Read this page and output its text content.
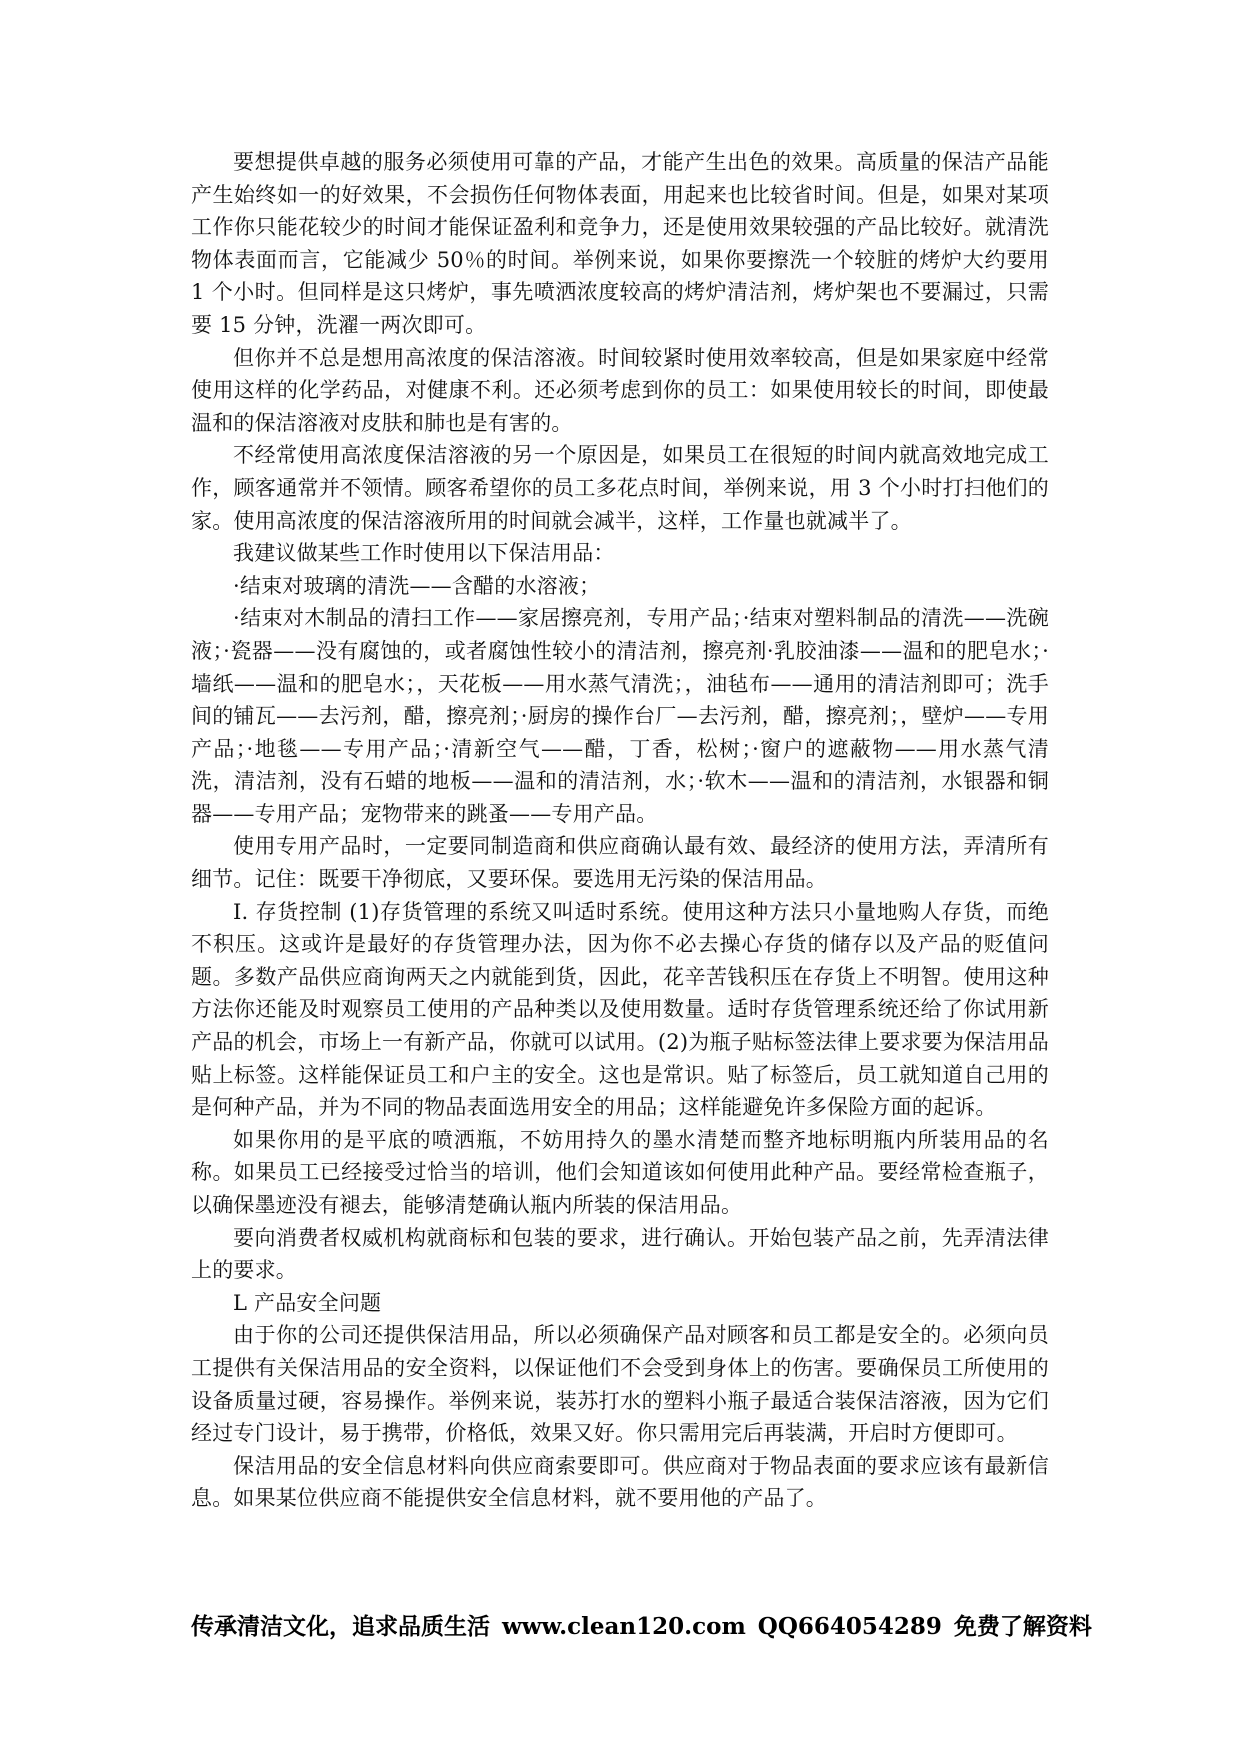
要想提供卓越的服务必须使用可靠的产品，才能产生出色的效果。高质量的保洁产品能产生始终如一的好效果，不会损伤任何物体表面，用起来也比较省时间。但是，如果对某项工作你只能花较少的时间才能保证盈利和竞争力，还是使用效果较强的产品比较好。就清洗物体表面而言，它能减少 50％的时间。举例来说，如果你要擦洗一个较脏的烤炉大约要用 1 个小时。但同样是这只烤炉，事先喷洒浓度较高的烤炉清洁剂，烤炉架也不要漏过，只需要 15 分钟，洗濯一两次即可。

但你并不总是想用高浓度的保洁溶液。时间较紧时使用效率较高，但是如果家庭中经常使用这样的化学药品，对健康不利。还必须考虑到你的员工：如果使用较长的时间，即使最温和的保洁溶液对皮肤和肺也是有害的。

不经常使用高浓度保洁溶液的另一个原因是，如果员工在很短的时间内就高效地完成工作，顾客通常并不领情。顾客希望你的员工多花点时间，举例来说，用 3 个小时打扫他们的家。使用高浓度的保洁溶液所用的时间就会减半，这样，工作量也就减半了。

我建议做某些工作时使用以下保洁用品：

·结束对玻璃的清洗——含醋的水溶液；

·结束对木制品的清扫工作——家居擦亮剂，专用产品；·结束对塑料制品的清洗——洗碗液；·瓷器——没有腐蚀的，或者腐蚀性较小的清洁剂，擦亮剂·乳胶油漆——温和的肥皂水；·墙纸——温和的肥皂水；，天花板——用水蒸气清洗；，油毡布——通用的清洁剂即可；洗手间的铺瓦——去污剂，醋，擦亮剂；·厨房的操作台厂—去污剂，醋，擦亮剂；，壁炉——专用产品；·地毯——专用产品；·清新空气——醋，丁香，松树；·窗户的遮蔽物——用水蒸气清洗，清洁剂，没有石蜡的地板——温和的清洁剂，水；·软木——温和的清洁剂，水银器和铜器——专用产品；宠物带来的跳蚤——专用产品。

使用专用产品时，一定要同制造商和供应商确认最有效、最经济的使用方法，弄清所有细节。记住：既要干净彻底，又要环保。要选用无污染的保洁用品。

I. 存货控制 (1)存货管理的系统又叫适时系统。使用这种方法只小量地购人存货，而绝不积压。这或许是最好的存货管理办法，因为你不必去操心存货的储存以及产品的贬值问题。多数产品供应商询两天之内就能到货，因此，花辛苦钱积压在存货上不明智。使用这种方法你还能及时观察员工使用的产品种类以及使用数量。适时存货管理系统还给了你试用新产品的机会，市场上一有新产品，你就可以试用。(2)为瓶子贴标签法律上要求要为保洁用品贴上标签。这样能保证员工和户主的安全。这也是常识。贴了标签后，员工就知道自己用的是何种产品，并为不同的物品表面选用安全的用品；这样能避免许多保险方面的起诉。

如果你用的是平底的喷洒瓶，不妨用持久的墨水清楚而整齐地标明瓶内所装用品的名称。如果员工已经接受过恰当的培训，他们会知道该如何使用此种产品。要经常检查瓶子，以确保墨迹没有褪去，能够清楚确认瓶内所装的保洁用品。

要向消费者权威机构就商标和包装的要求，进行确认。开始包装产品之前，先弄清法律上的要求。

L 产品安全问题

由于你的公司还提供保洁用品，所以必须确保产品对顾客和员工都是安全的。必须向员工提供有关保洁用品的安全资料，以保证他们不会受到身体上的伤害。要确保员工所使用的设备质量过硬，容易操作。举例来说，装苏打水的塑料小瓶子最适合装保洁溶液，因为它们经过专门设计，易于携带，价格低，效果又好。你只需用完后再装满，开启时方便即可。

保洁用品的安全信息材料向供应商索要即可。供应商对于物品表面的要求应该有最新信息。如果某位供应商不能提供安全信息材料，就不要用他的产品了。

传承清洁文化，追求品质生活 www.clean120.com QQ664054289 免费了解资料
